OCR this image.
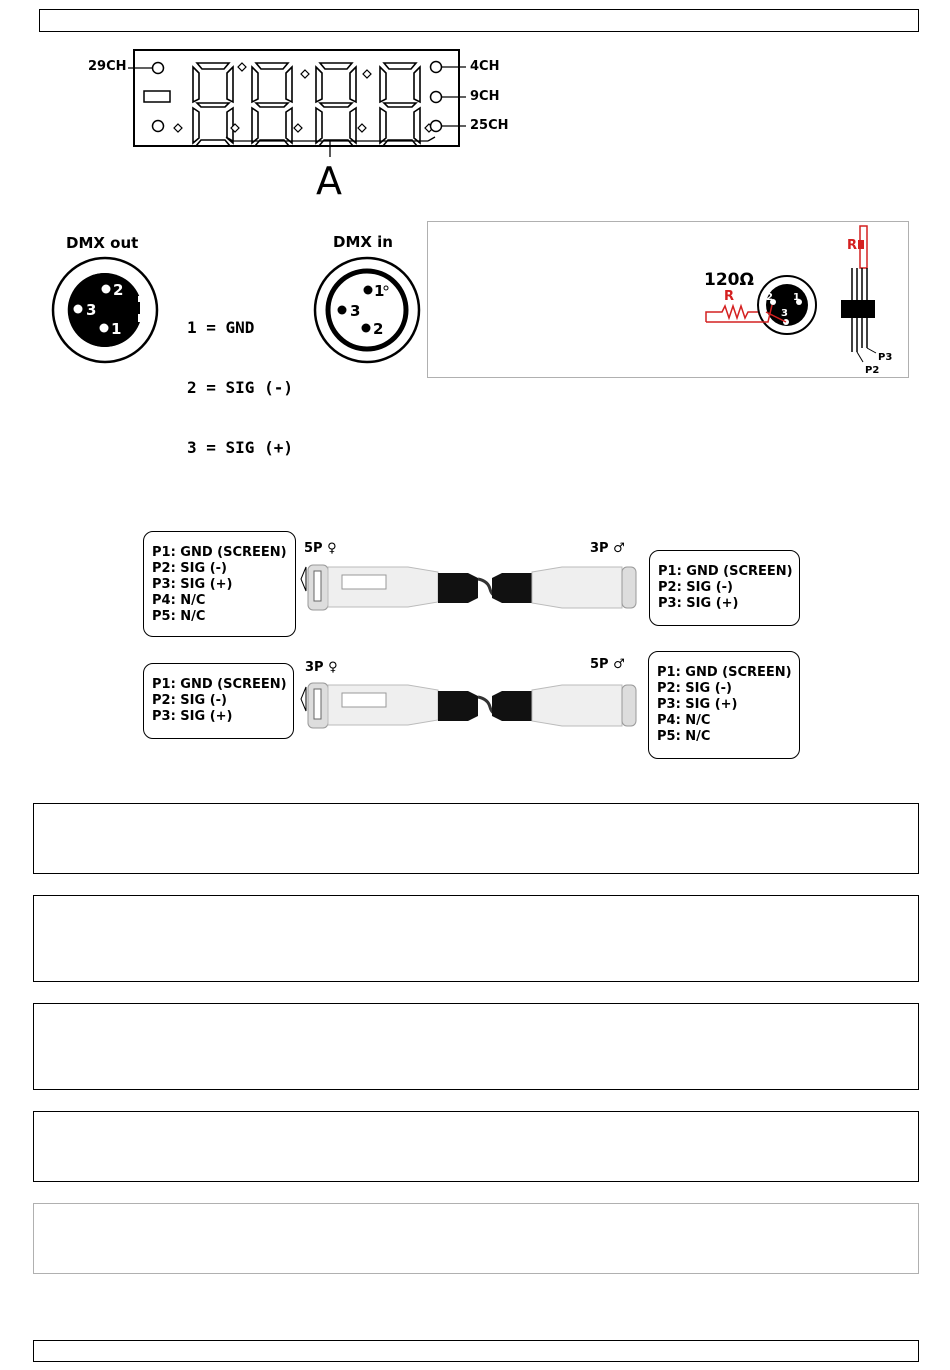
29CH	4CH
9CH
25CH
A
DMX out	DMX in
2
3
1

	1 = GND

2 = SIG (-)

3 = SIG (+)

1
3
2
120Ω
R	2 1
3
R
P2
P3
P1: GND (SCREEN)
P2: SIG (-)
P3: SIG (+)
P4: N/C
P5: N/C
5P ♀	3P ♂
P1: GND (SCREEN)
P2: SIG (-)
P3: SIG (+)
P1: GND (SCREEN)
P2: SIG (-)
P3: SIG (+)
3P ♀	5P ♂
P1: GND (SCREEN)
P2: SIG (-)
P3: SIG (+)
P4: N/C
P5: N/C
